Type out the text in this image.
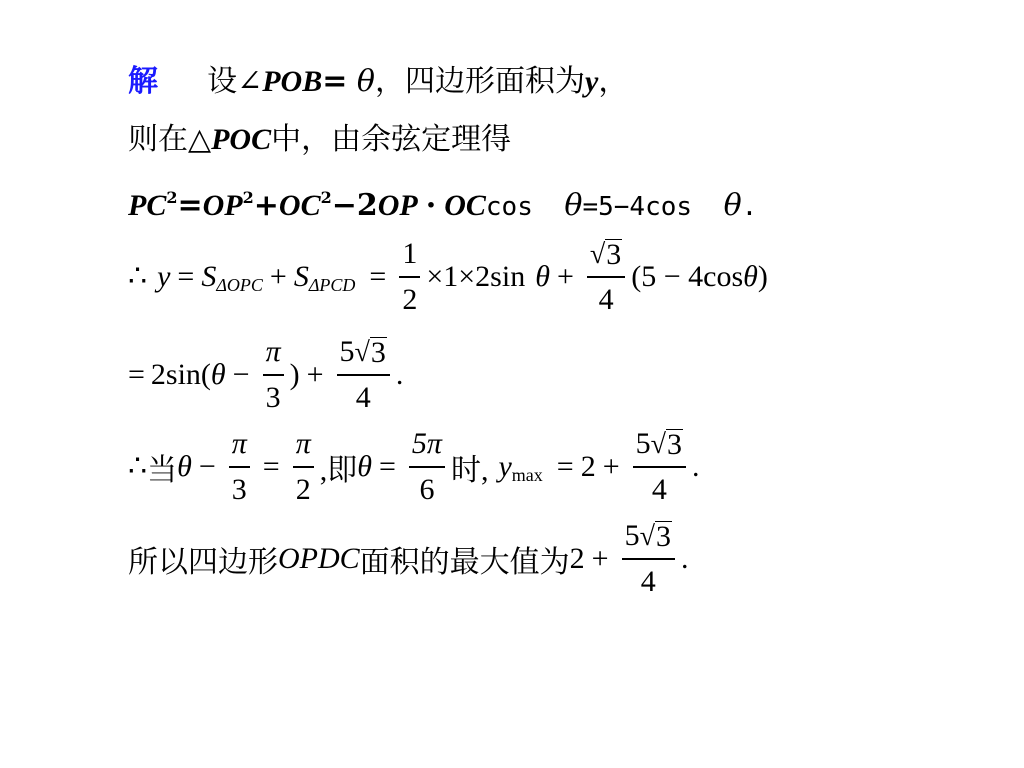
解 设∠POB= θ，四边形面积为y，
则在△POC中，由余弦定理得
$PC^2=OP^2+OC^2-2OP \cdot OCcos$ θ=5−4cos θ.
∴ y = S ΔOPC + S $\Delta PCD = \frac{1}{2} \times 1\times 2\sin$ $\theta + \frac{√ 3}{4} (5 - 4\cos$ θ )
= 2sin( $\theta - \frac{\pi}{3}$ ) + $\frac{5 √ 3}{4}$ .
∴ 当 $\theta - \frac{\pi}{3} = \frac{\pi}{2}$ ,即 $\theta = \frac{5\pi}{6}$ 时, y $\max = 2 + \frac{5 √ 3}{4}$ .
所以四边形 OPDC 面积的最大值为 $2 + \frac{5 √ 3}{4}$ .
